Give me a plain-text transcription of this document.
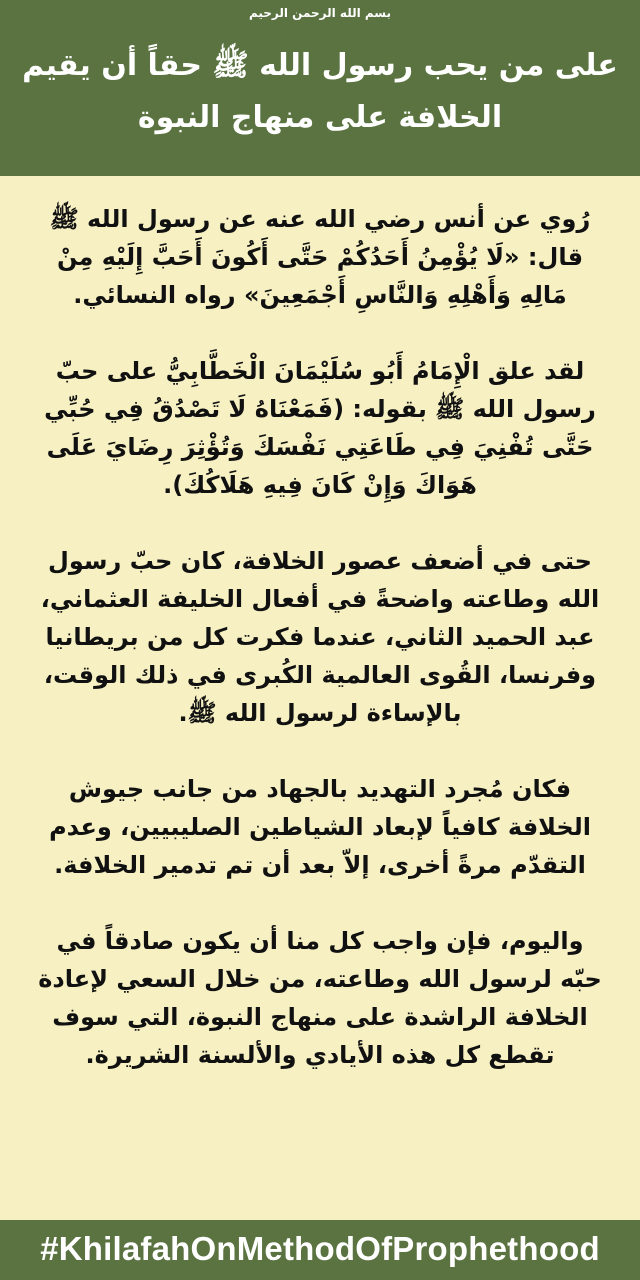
بسم الله الرحمن الرحيم
على من يحب رسول الله ﷺ حقاً أن يقيم الخلافة على منهاج النبوة

رُوي عن أنس رضي الله عنه عن رسول الله ﷺ قال: «لَا يُؤْمِنُ أَحَدُكُمْ حَتَّى أَكُونَ أَحَبَّ إِلَيْهِ مِنْ مَالِهِ وَأَهْلِهِ وَالنَّاسِ أَجْمَعِينَ» رواه النسائي.

لقد علق الْإِمَامُ أَبُو سُلَيْمَانَ الْخَطَّابِيُّ على حبّ رسول الله ﷺ بقوله: (فَمَعْنَاهُ لَا تَصْدُقُ فِي حُبِّي حَتَّى تُفْنِيَ فِي طَاعَتِي نَفْسَكَ وَتُؤْثِرَ رِضَايَ عَلَى هَوَاكَ وَإِنْ كَانَ فِيهِ هَلَاكُكَ).

حتى في أضعف عصور الخلافة، كان حبّ رسول الله وطاعته واضحةً في أفعال الخليفة العثماني، عبد الحميد الثاني، عندما فكرت كل من بريطانيا وفرنسا، القُوى العالمية الكُبرى في ذلك الوقت، بالإساءة لرسول الله ﷺ.

فكان مُجرد التهديد بالجهاد من جانب جيوش الخلافة كافياً لإبعاد الشياطين الصليبيين، وعدم التقدّم مرةً أخرى، إلاّ بعد أن تم تدمير الخلافة.

واليوم، فإن واجب كل منا أن يكون صادقاً في حبّه لرسول الله وطاعته، من خلال السعي لإعادة الخلافة الراشدة على منهاج النبوة، التي سوف تقطع كل هذه الأيادي والألسنة الشريرة.

#KhilafahOnMethodOfProphethood
